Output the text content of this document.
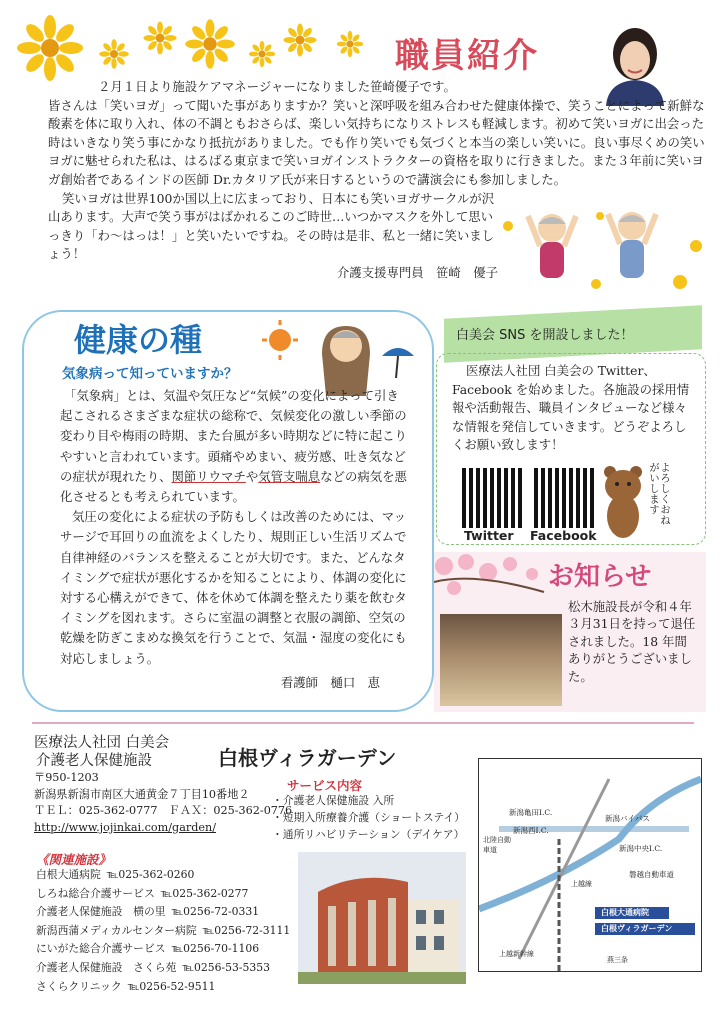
職員紹介

２月１日より施設ケアマネージャーになりました笹崎優子です。

皆さんは「笑いヨガ」って聞いた事がありますか？笑いと深呼吸を組み合わせた健康体操で、笑うことによって新鮮な酸素を体に取り入れ、体の不調ともおさらば、楽しい気持ちになりストレスも軽減します。初めて笑いヨガに出会った時はいきなり笑う事にかなり抵抗がありました。でも作り笑いでも気づくと本当の楽しい笑いに。良い事尽くめの笑いヨガに魅せられた私は、はるばる東京まで笑いヨガインストラクターの資格を取りに行きました。また３年前に笑いヨガ創始者であるインドの医師 Dr.カタリア氏が来日するというので講演会にも参加しました。

笑いヨガは世界100か国以上に広まっており、日本にも笑いヨガサークルが沢山あります。大声で笑う事がはばかれるこのご時世…いつかマスクを外して思いっきり「わ～はっは！」と笑いたいですね。その時は是非、私と一緒に笑いましょう！

介護支援専門員　笹崎　優子

健康の種
気象病って知っていますか？

「気象病」とは、気温や気圧など“気候”の変化によって引き起こされるさまざまな症状の総称で、気候変化の激しい季節の変わり目や梅雨の時期、また台風が多い時期などに特に起こりやすいと言われています。頭痛やめまい、疲労感、吐き気などの症状が現れたり、関節リウマチや気管支喘息などの病気を悪化させるとも考えられています。

気圧の変化による症状の予防もしくは改善のためには、マッサージで耳回りの血流をよくしたり、規則正しい生活リズムで自律神経のバランスを整えることが大切です。また、どんなタイミングで症状が悪化するかを知ることにより、体調の変化に対する心構えができて、体を休めて体調を整えたり薬を飲むタイミングを図れます。さらに室温の調整と衣服の調節、空気の乾燥を防ぎこまめな換気を行うことで、気温・湿度の変化にも対応しましょう。

看護師　樋口　恵

白美会 SNS を開設しました！

医療法人社団 白美会の Twitter、Facebook を始めました。各施設の採用情報や活動報告、職員インタビューなど様々な情報を発信していきます。どうぞよろしくお願い致します！

Twitter Facebook
よろしくおねがいします
お知らせ

松木施設長が令和４年３月31日を持って退任されました。18 年間ありがとうございました。

医療法人社団 白美会
介護老人保健施設	白根ヴィラガーデン
〒950-1203
新潟県新潟市南区大通黄金７丁目10番地２
ＴＥＬ：025-362-0777　ＦＡＸ：025-362-0776
http://www.jojinkai.com/garden/
サービス内容
・介護老人保健施設 入所
・短期入所療養介護（ショートステイ）
・通所リハビリテーション（デイケア）
《関連施設》
白根大通病院 ℡025-362-0260
しろね総合介護サービス ℡025-362-0277
介護老人保健施設　横の里 ℡0256-72-0331
新潟西蒲メディカルセンター病院 ℡0256-72-3111
にいがた総合介護サービス ℡0256-70-1106
介護老人保健施設　さくら苑 ℡0256-53-5353
さくらクリニック ℡0256-52-9511
新潟亀田I.C.
新潟西I.C.
新潟中央I.C.
新潟バイパス
北陸自動車道
磐越自動車道
白根大通病院
白根ヴィラガーデン
上越新幹線
上越線
燕三条
